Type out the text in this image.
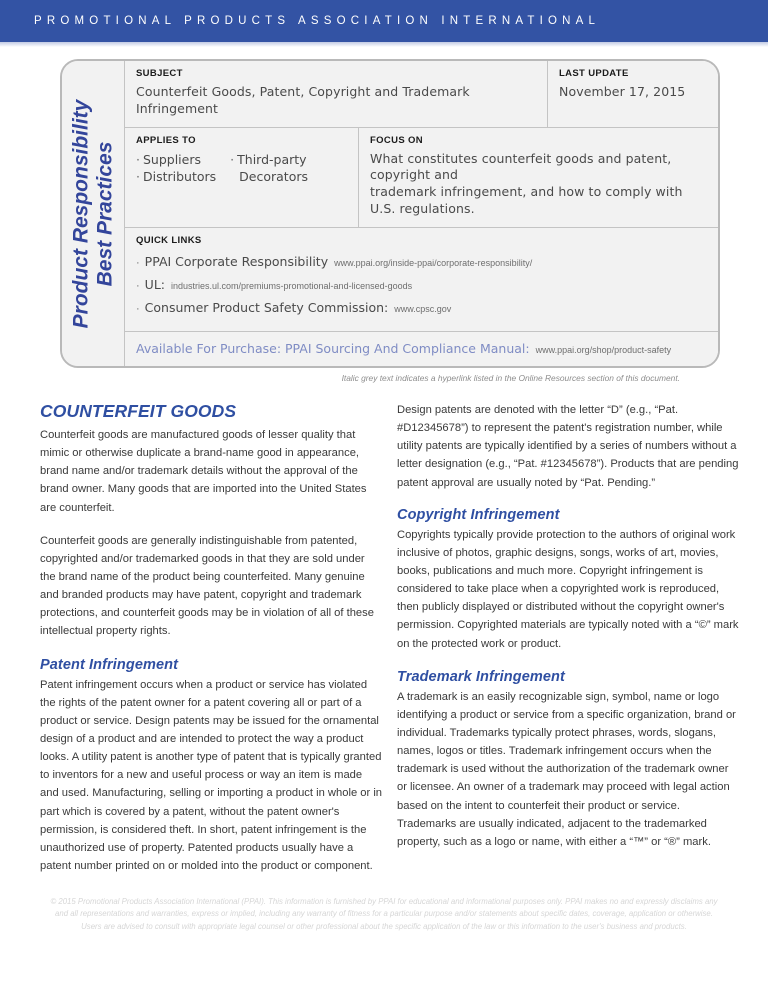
PROMOTIONAL PRODUCTS ASSOCIATION INTERNATIONAL
Product Responsibility Best Practices
SUBJECT
Counterfeit Goods, Patent, Copyright and Trademark Infringement
LAST UPDATE
November 17, 2015
APPLIES TO
· Suppliers
· Distributors
· Third-party
Decorators
FOCUS ON
What constitutes counterfeit goods and patent, copyright and
trademark infringement, and how to comply with U.S. regulations.
QUICK LINKS
· PPAI Corporate Responsibility www.ppai.org/inside-ppai/corporate-responsibility/
· UL: industries.ul.com/premiums-promotional-and-licensed-goods
· Consumer Product Safety Commission: www.cpsc.gov
Available For Purchase: PPAI Sourcing And Compliance Manual: www.ppai.org/shop/product-safety
Italic grey text indicates a hyperlink listed in the Online Resources section of this document.
COUNTERFEIT GOODS

Counterfeit goods are manufactured goods of lesser quality that mimic or otherwise duplicate a brand-name good in appearance, brand name and/or trademark details without the approval of the brand owner. Many goods that are imported into the United States are counterfeit.

Counterfeit goods are generally indistinguishable from patented, copyrighted and/or trademarked goods in that they are sold under the brand name of the product being counterfeited. Many genuine and branded products may have patent, copyright and trademark protections, and counterfeit goods may be in violation of all of these intellectual property rights.

Patent Infringement

Patent infringement occurs when a product or service has violated the rights of the patent owner for a patent covering all or part of a product or service. Design patents may be issued for the ornamental design of a product and are intended to protect the way a product looks. A utility patent is another type of patent that is typically granted to inventors for a new and useful process or way an item is made and used. Manufacturing, selling or importing a product in whole or in part which is covered by a patent, without the patent owner's permission, is considered theft. In short, patent infringement is the unauthorized use of property. Patented products usually have a patent number printed on or molded into the product or component.

Design patents are denoted with the letter “D” (e.g., “Pat. #D12345678”) to represent the patent's registration number, while utility patents are typically identified by a series of numbers without a letter designation (e.g., “Pat. #12345678”). Products that are pending patent approval are usually noted by “Pat. Pending.”

Copyright Infringement

Copyrights typically provide protection to the authors of original work inclusive of photos, graphic designs, songs, works of art, movies, books, publications and much more. Copyright infringement is considered to take place when a copyrighted work is reproduced, then publicly displayed or distributed without the copyright owner's permission. Copyrighted materials are typically noted with a “©” mark on the protected work or product.

Trademark Infringement

A trademark is an easily recognizable sign, symbol, name or logo identifying a product or service from a specific organization, brand or individual. Trademarks typically protect phrases, words, slogans, names, logos or titles. Trademark infringement occurs when the trademark is used without the authorization of the trademark owner or licensee. An owner of a trademark may proceed with legal action based on the intent to counterfeit their product or service. Trademarks are usually indicated, adjacent to the trademarked property, such as a logo or name, with either a “™” or “®” mark.

© 2015 Promotional Products Association International (PPAI). This information is furnished by PPAI for educational and informational purposes only. PPAI makes no and expressly disclaims any and all representations and warranties, express or implied, including any warranty of fitness for a particular purpose and/or statements about specific dates, coverage, application or otherwise. Users are advised to consult with appropriate legal counsel or other professional about the specific application of the law or this information to the user's business and products.
